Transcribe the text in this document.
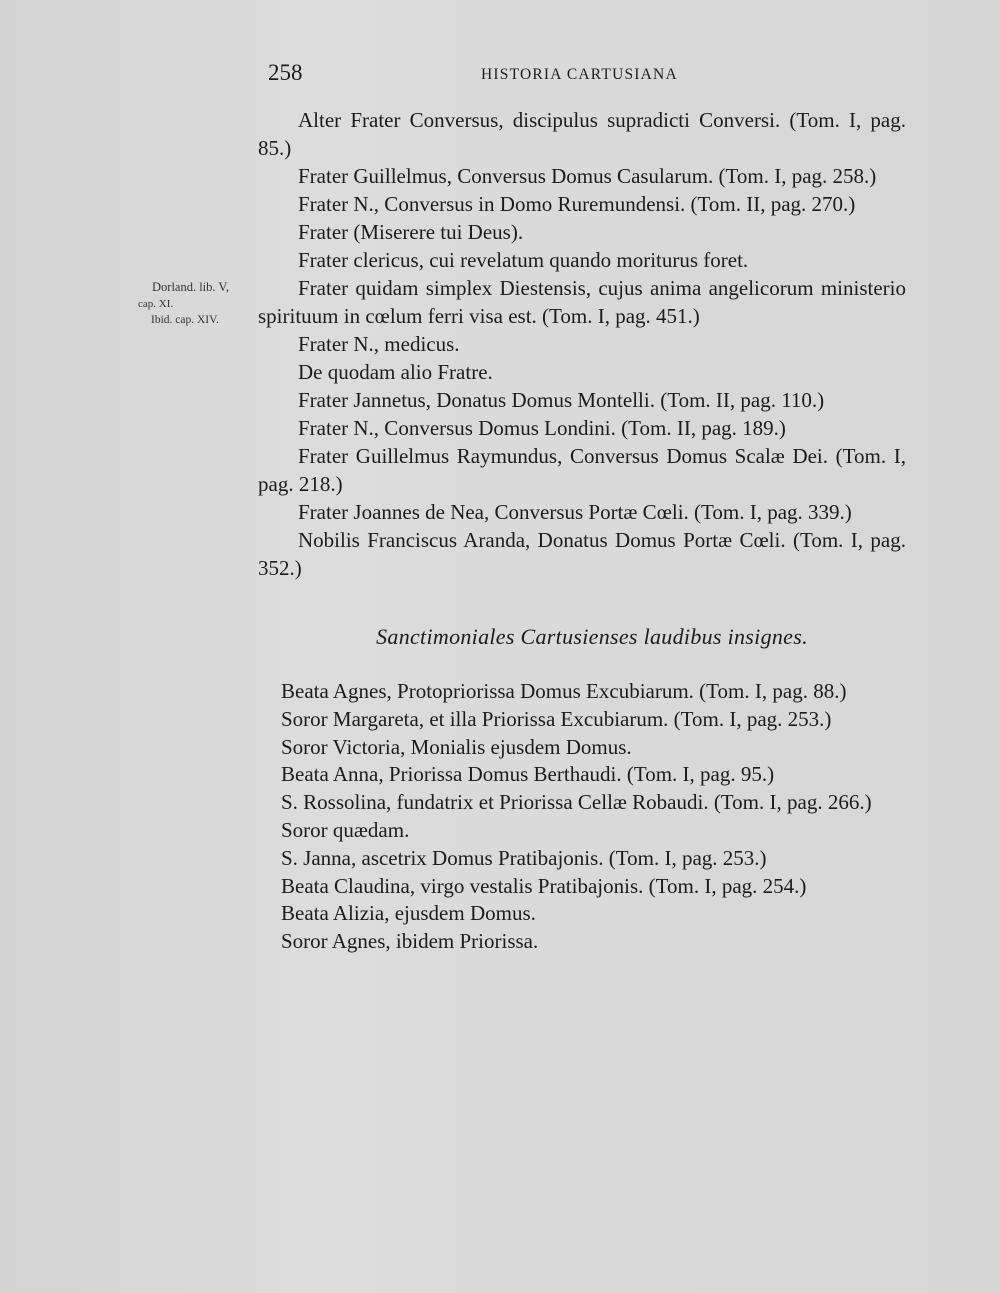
258	HISTORIA CARTUSIANA
Dorland. lib. V,
cap. XI.
Ibid. cap. XIV.

Alter Frater Conversus, discipulus supradicti Conversi. (Tom. I, pag. 85.)

Frater Guillelmus, Conversus Domus Casularum. (Tom. I, pag. 258.)

Frater N., Conversus in Domo Ruremundensi. (Tom. II, pag. 270.)

Frater (Miserere tui Deus).

Frater clericus, cui revelatum quando moriturus foret.

Frater quidam simplex Diestensis, cujus anima angelicorum ministerio spirituum in cœlum ferri visa est. (Tom. I, pag. 451.)

Frater N., medicus.

De quodam alio Fratre.

Frater Jannetus, Donatus Domus Montelli. (Tom. II, pag. 110.)

Frater N., Conversus Domus Londini. (Tom. II, pag. 189.)

Frater Guillelmus Raymundus, Conversus Domus Scalæ Dei. (Tom. I, pag. 218.)

Frater Joannes de Nea, Conversus Portæ Cœli. (Tom. I, pag. 339.)

Nobilis Franciscus Aranda, Donatus Domus Portæ Cœli. (Tom. I, pag. 352.)

Sanctimoniales Cartusienses laudibus insignes.

Beata Agnes, Protopriorissa Domus Excubiarum. (Tom. I, pag. 88.)

Soror Margareta, et illa Priorissa Excubiarum. (Tom. I, pag. 253.)

Soror Victoria, Monialis ejusdem Domus.

Beata Anna, Priorissa Domus Berthaudi. (Tom. I, pag. 95.)

S. Rossolina, fundatrix et Priorissa Cellæ Robaudi. (Tom. I, pag. 266.)

Soror quædam.

S. Janna, ascetrix Domus Pratibajonis. (Tom. I, pag. 253.)

Beata Claudina, virgo vestalis Pratibajonis. (Tom. I, pag. 254.)

Beata Alizia, ejusdem Domus.

Soror Agnes, ibidem Priorissa.
